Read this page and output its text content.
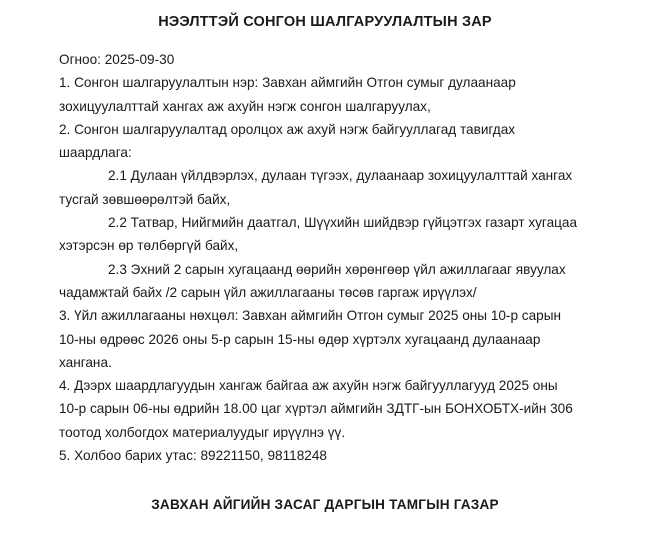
НЭЭЛТТЭЙ СОНГОН ШАЛГАРУУЛАЛТЫН ЗАР
Огноо: 2025-09-30
1. Сонгон шалгаруулалтын нэр: Завхан аймгийн Отгон сумыг дулаанаар
зохицуулалттай хангах аж ахуйн нэгж сонгон шалгаруулах,
2. Сонгон шалгаруулалтад оролцох аж ахуй нэгж байгууллагад тавигдах
шаардлага:
2.1 Дулаан үйлдвэрлэх, дулаан түгээх, дулаанаар зохицуулалттай хангах
тусгай зөвшөөрөлтэй байх,
2.2 Татвар, Нийгмийн даатгал, Шүүхийн шийдвэр гүйцэтгэх газарт хугацаа
хэтэрсэн өр төлбөргүй байх,
2.3 Эхний 2 сарын хугацаанд өөрийн хөрөнгөөр үйл ажиллагааг явуулах
чадамжтай байх /2 сарын үйл ажиллагааны төсөв гаргаж ирүүлэх/
3. Үйл ажиллагааны нөхцөл: Завхан аймгийн Отгон сумыг 2025 оны 10-р сарын
10-ны өдрөөс 2026 оны 5-р сарын 15-ны өдөр хүртэлх хугацаанд дулаанаар
хангана.
4. Дээрх шаардлагуудын хангаж байгаа аж ахуйн нэгж байгууллагууд 2025 оны
10-р сарын 06-ны өдрийн 18.00 цаг хүртэл аймгийн ЗДТГ-ын БОНХОБТХ-ийн 306
тоотод холбогдох материалуудыг ирүүлнэ үү.
5. Холбоо барих утас: 89221150, 98118248
ЗАВХАН АЙГИЙН ЗАСАГ ДАРГЫН ТАМГЫН ГАЗАР
